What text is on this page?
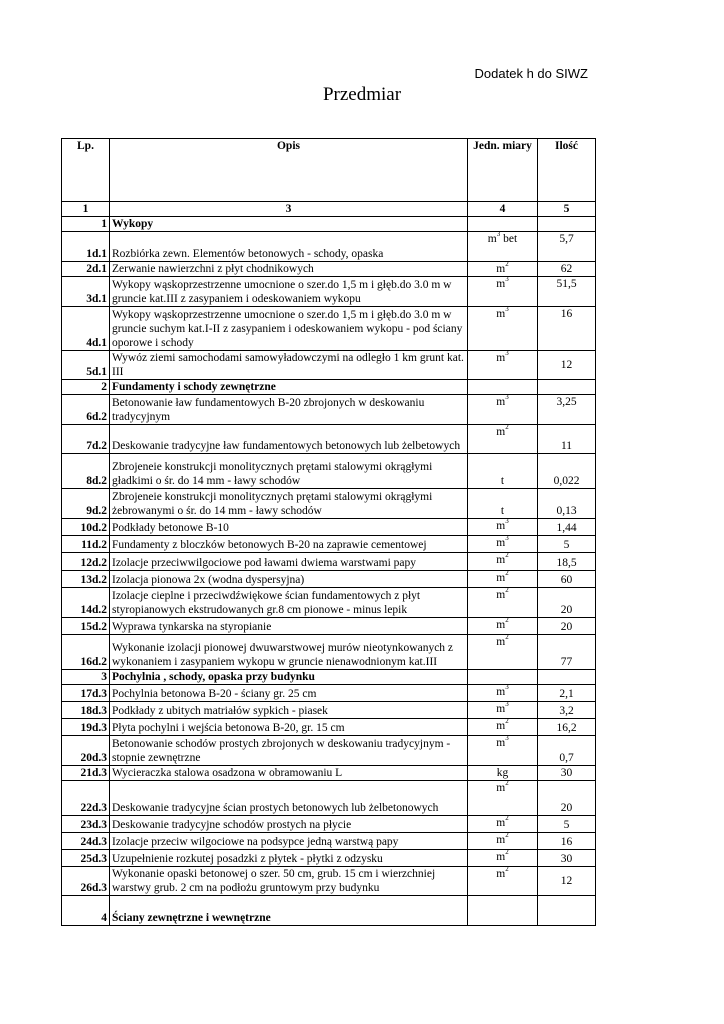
Dodatek h do SIWZ
Przedmiar
Lp.	Opis	Jedn. miary	Ilość
1	3	4	5
1	Wykopy		
1d.1	Rozbiórka zewn. Elementów betonowych - schody, opaska	$m^3$ bet	5,7
2d.1	Zerwanie nawierzchni z płyt chodnikowych	$m^2$	62
3d.1	Wykopy wąskoprzestrzenne umocnione o szer.do 1,5 m i głęb.do 3.0 m w gruncie kat.III z zasypaniem i odeskowaniem wykopu	$m^3$	51,5
4d.1	Wykopy wąskoprzestrzenne umocnione o szer.do 1,5 m i głęb.do 3.0 m w gruncie suchym kat.I-II z zasypaniem i odeskowaniem wykopu - pod ściany oporowe i schody	$m^3$	16
5d.1	Wywóz ziemi samochodami samowyładowczymi na odległo 1 km grunt kat. III	$m^3$	12
2	Fundamenty i schody zewnętrzne		
6d.2	Betonowanie ław fundamentowych B-20 zbrojonych w deskowaniu tradycyjnym	$m^3$	3,25
7d.2	Deskowanie tradycyjne ław fundamentowych betonowych lub żelbetowych	$m^2$	11
8d.2	Zbrojeneie konstrukcji monolitycznych prętami stalowymi okrągłymi gładkimi o śr. do 14 mm - ławy schodów	t	0,022
9d.2	Zbrojeneie konstrukcji monolitycznych prętami stalowymi okrągłymi żebrowanymi o śr. do 14 mm - ławy schodów	t	0,13
10d.2	Podkłady betonowe B-10	$m^3$	1,44
11d.2	Fundamenty z bloczków betonowych B-20 na zaprawie cementowej	$m^3$	5
12d.2	Izolacje przeciwwilgociowe pod ławami dwiema warstwami papy	$m^2$	18,5
13d.2	Izolacja pionowa 2x (wodna dyspersyjna)	$m^2$	60
14d.2	Izolacje cieplne i przeciwdźwiękowe ścian fundamentowych z płyt styropianowych ekstrudowanych gr.8 cm pionowe - minus lepik	$m^2$	20
15d.2	Wyprawa tynkarska na styropianie	$m^2$	20
16d.2	Wykonanie izolacji pionowej dwuwarstwowej murów nieotynkowanych z wykonaniem i zasypaniem wykopu w gruncie nienawodnionym kat.III	$m^2$	77
3	Pochylnia , schody, opaska przy budynku		
17d.3	Pochylnia betonowa B-20 - ściany gr. 25 cm	$m^3$	2,1
18d.3	Podkłady z ubitych matriałów sypkich - piasek	$m^3$	3,2
19d.3	Płyta pochylni i wejścia betonowa B-20, gr. 15 cm	$m^2$	16,2
20d.3	Betonowanie schodów prostych zbrojonych w deskowaniu tradycyjnym - stopnie zewnętrzne	$m^3$	0,7
21d.3	Wycieraczka stalowa osadzona w obramowaniu L	kg	30
22d.3	Deskowanie tradycyjne ścian prostych betonowych lub żelbetonowych	$m^2$	20
23d.3	Deskowanie tradycyjne schodów prostych na płycie	$m^2$	5
24d.3	Izolacje przeciw wilgociowe na podsypce jedną warstwą papy	$m^2$	16
25d.3	Uzupełnienie rozkutej posadzki z płytek - płytki z odzysku	$m^2$	30
26d.3	Wykonanie opaski betonowej o szer. 50 cm, grub. 15 cm i wierzchniej warstwy grub. 2 cm na podłożu gruntowym przy budynku	$m^2$	12
4	Ściany zewnętrzne i wewnętrzne		
